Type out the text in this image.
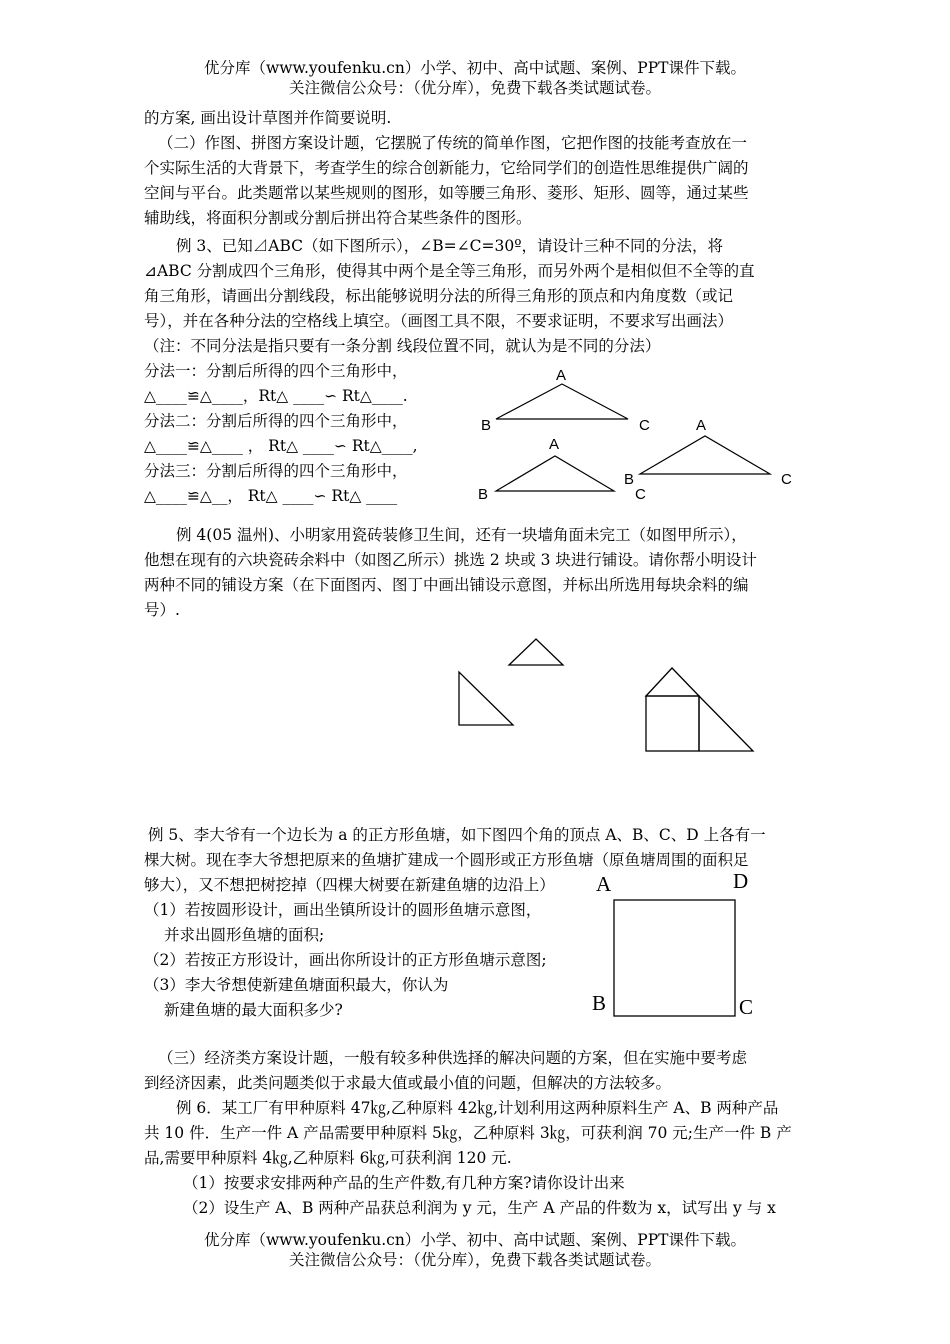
优分库（www.youfenku.cn）小学、初中、高中试题、案例、PPT课件下载。
关注微信公众号：（优分库），免费下载各类试题试卷。
的方案, 画出设计草图并作简要说明.
（二）作图、拼图方案设计题，它摆脱了传统的简单作图，它把作图的技能考查放在一
个实际生活的大背景下，考查学生的综合创新能力，它给同学们的创造性思维提供广阔的
空间与平台。此类题常以某些规则的图形，如等腰三角形、菱形、矩形、圆等，通过某些
辅助线，将面积分割或分割后拼出符合某些条件的图形。
例 3、已知⊿ABC（如下图所示），∠B=∠C=30º，请设计三种不同的分法，将
⊿ABC 分割成四个三角形，使得其中两个是全等三角形，而另外两个是相似但不全等的直
角三角形，请画出分割线段，标出能够说明分法的所得三角形的顶点和内角度数（或记
号），并在各种分法的空格线上填空。（画图工具不限，不要求证明，不要求写出画法）
（注：不同分法是指只要有一条分割 线段位置不同，就认为是不同的分法）
分法一：分割后所得的四个三角形中，
△____≌△____，Rt△ ____∽ Rt△____.
分法二：分割后所得的四个三角形中，
△____≌△____ ， Rt△ ____∽ Rt△____,
分法三：分割后所得的四个三角形中，
△____≌△__， Rt△ ____∽ Rt△ ____
A
B	C
A
B
B
C
A
C
例 4(05 温州)、小明家用瓷砖装修卫生间，还有一块墙角面未完工（如图甲所示），
他想在现有的六块瓷砖余料中（如图乙所示）挑选 2 块或 3 块进行铺设。请你帮小明设计
两种不同的铺设方案（在下面图丙、图丁中画出铺设示意图，并标出所选用每块余料的编
号）.
例 5、李大爷有一个边长为 a 的正方形鱼塘，如下图四个角的顶点 A、B、C、D 上各有一
棵大树。现在李大爷想把原来的鱼塘扩建成一个圆形或正方形鱼塘（原鱼塘周围的面积足
够大），又不想把树挖掉（四棵大树要在新建鱼塘的边沿上）
（1）若按圆形设计，画出坐镇所设计的圆形鱼塘示意图，
并求出圆形鱼塘的面积;
（2）若按正方形设计，画出你所设计的正方形鱼塘示意图;
（3）李大爷想使新建鱼塘面积最大，你认为
新建鱼塘的最大面积多少?
A	D
B	C
（三）经济类方案设计题，一般有较多种供选择的解决问题的方案，但在实施中要考虑
到经济因素，此类问题类似于求最大值或最小值的问题，但解决的方法较多。
例 6．某工厂有甲种原料 47㎏,乙种原料 42㎏,计划利用这两种原料生产 A、B 两种产品
共 10 件．生产一件 A 产品需要甲种原料 5㎏，乙种原料 3㎏，可获利润 70 元;生产一件 B 产
品,需要甲种原料 4㎏,乙种原料 6㎏,可获利润 120 元.
（1）按要求安排两种产品的生产件数,有几种方案?请你设计出来
（2）设生产 A、B 两种产品获总利润为 y 元，生产 A 产品的件数为 x，试写出 y 与 x
优分库（www.youfenku.cn）小学、初中、高中试题、案例、PPT课件下载。
关注微信公众号：（优分库），免费下载各类试题试卷。
